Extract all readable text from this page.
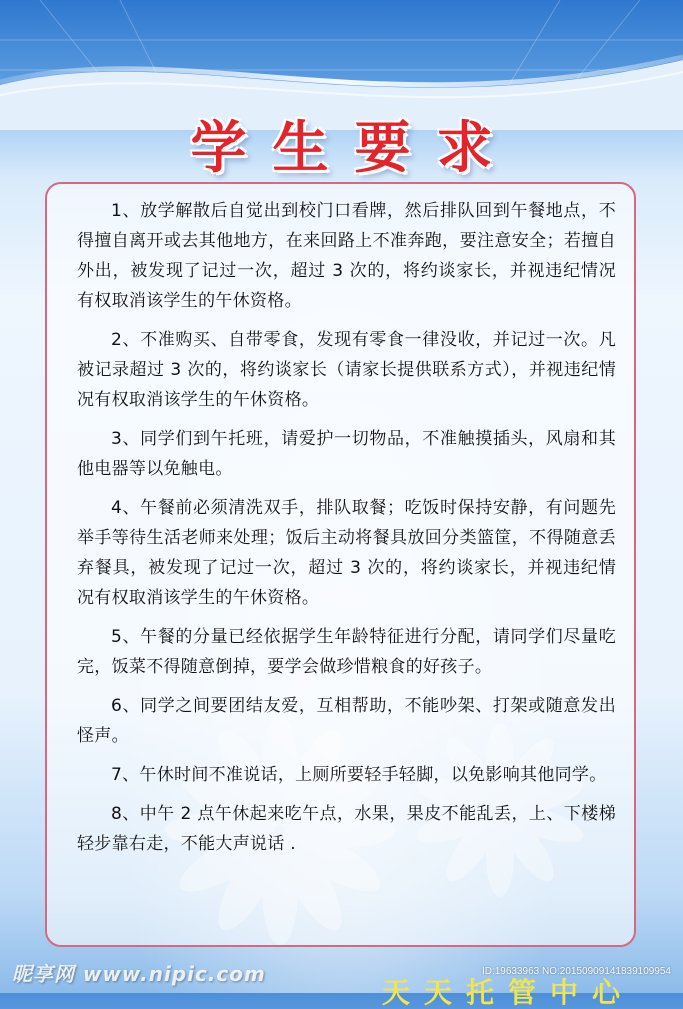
学生要求

1、放学解散后自觉出到校门口看牌，然后排队回到午餐地点，不得擅自离开或去其他地方，在来回路上不准奔跑，要注意安全；若擅自外出，被发现了记过一次，超过 3 次的，将约谈家长，并视违纪情况有权取消该学生的午休资格。

2、不准购买、自带零食，发现有零食一律没收，并记过一次。凡被记录超过 3 次的，将约谈家长（请家长提供联系方式），并视违纪情况有权取消该学生的午休资格。

3、同学们到午托班，请爱护一切物品，不准触摸插头，风扇和其他电器等以免触电。

4、午餐前必须清洗双手，排队取餐；吃饭时保持安静，有问题先举手等待生活老师来处理；饭后主动将餐具放回分类篮筐，不得随意丢弃餐具，被发现了记过一次，超过 3 次的，将约谈家长，并视违纪情况有权取消该学生的午休资格。

5、午餐的分量已经依据学生年龄特征进行分配，请同学们尽量吃完，饭菜不得随意倒掉，要学会做珍惜粮食的好孩子。

6、同学之间要团结友爱，互相帮助，不能吵架、打架或随意发出怪声。

7、午休时间不准说话，上厕所要轻手轻脚，以免影响其他同学。

8、中午 2 点午休起来吃午点，水果，果皮不能乱丢，上、下楼梯轻步靠右走，不能大声说话 .

昵享网 www.nipic.com	ID:19633963 NO:20150909141839109954
天天托管中心
